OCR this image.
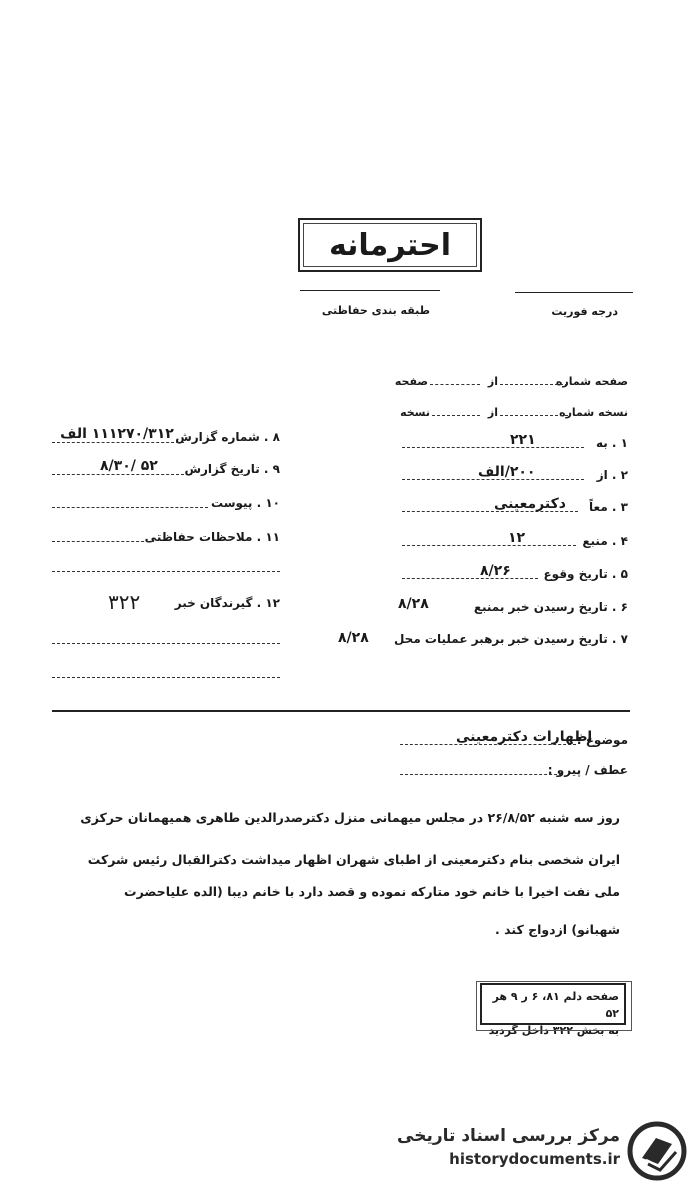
احترمانه
طبقه بندی حفاظتی	درجه فوریت
صفحه شماره
از
صفحه
نسخه شماره
از
نسخه
۱ . به
۲۲۱
۲ . از
۲۰۰/الف
۳ . معاً
دکترمعینی
۴ . منبع
۱۲
۵ . تاریخ وقوع
۸/۲۶
۶ . تاریخ رسیدن خبر بمنبع
۸/۲۸
۷ . تاریخ رسیدن خبر برهبر عملیات محل
۸/۲۸
۸ . شماره گزارش
۱۱۱۲۷۰/۳۱۲ الف
۹ . تاریخ گزارش
۸/۳۰/ ۵۲
۱۰ . پیوست
۱۱ . ملاحظات حفاظتی
۱۲ . گیرندگان خبر
۳۲۲
موضوع :
اظهارات دکترمعینی
عطف / پیرو :
روز سه شنبه ۲۶/۸/۵۲ در مجلس میهمانی منزل دکترصدرالدین طاهری همیهمانان حرکزی
ایران شخصی بنام دکترمعینی از اطبای شهران اظهار میداشت دکترالقبال رئیس شرکت
ملی نفت اخیرا با خانم خود متارکه نموده و قصد دارد با خانم دیبا (الده علیاحضرت
شهبانو) ازدواج کند .
صفحه دلم ۸۱، ۶ ر ۹ هر ۵۲
به بخش ۳۲۲ داخل گردید
مرکز بررسی اسناد تاریخی
historydocuments.ir
